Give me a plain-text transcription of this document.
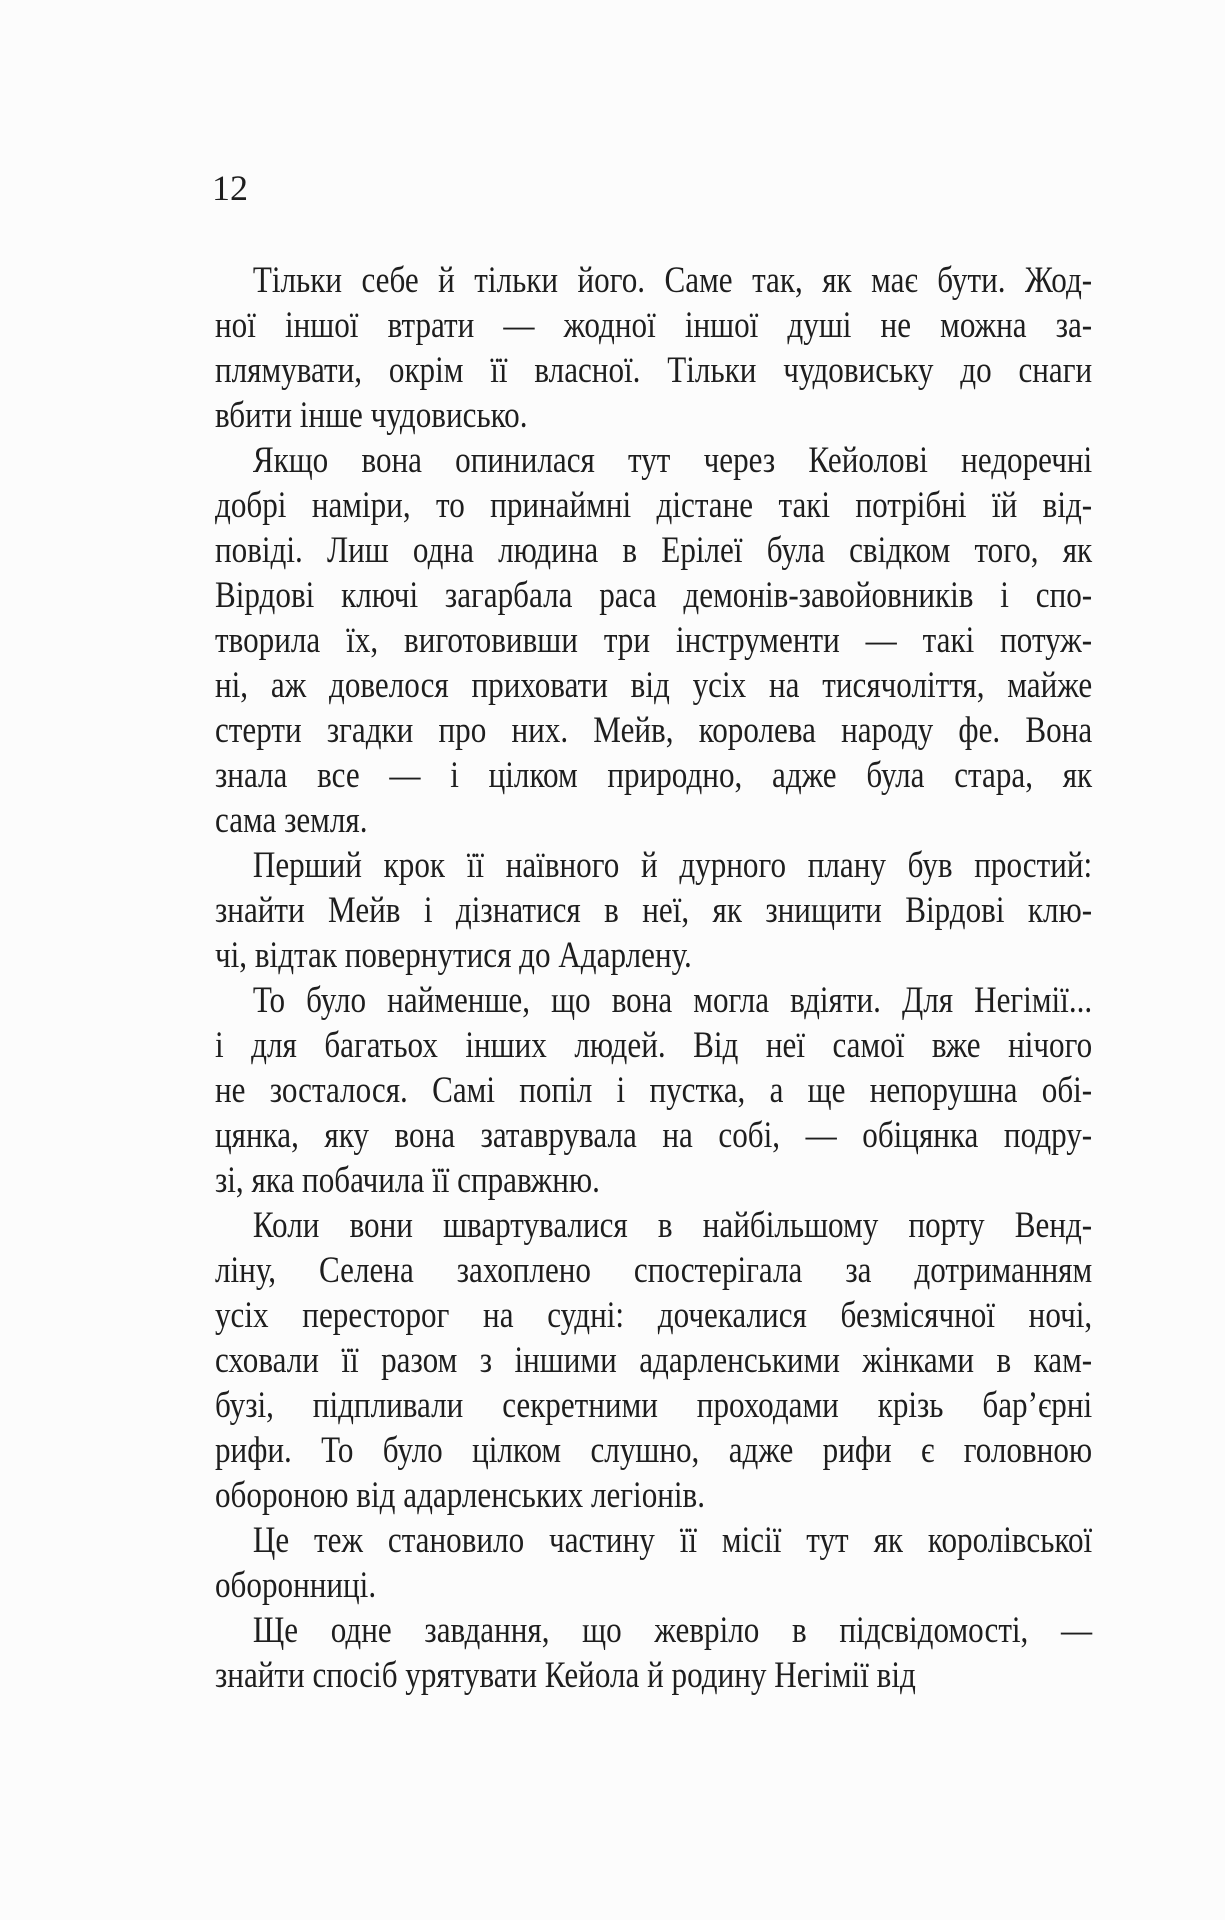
12
Тільки себе й тільки його. Саме так, як має бути. Жод-
ної іншої втрати — жодної іншої душі не можна за-
плямувати, окрім її власної. Тільки чудовиську до снаги
вбити інше чудовисько.
Якщо вона опинилася тут через Кейолові недоречні
добрі наміри, то принаймні дістане такі потрібні їй від-
повіді. Лиш одна людина в Ерілеї була свідком того, як
Вірдові ключі загарбала раса демонів-завойовників і спо-
творила їх, виготовивши три інструменти — такі потуж-
ні, аж довелося приховати від усіх на тисячоліття, майже
стерти згадки про них. Мейв, королева народу фе. Вона
знала все — і цілком природно, адже була стара, як
сама земля.
Перший крок її наївного й дурного плану був простий:
знайти Мейв і дізнатися в неї, як знищити Вірдові клю-
чі, відтак повернутися до Адарлену.
То було найменше, що вона могла вдіяти. Для Негімії...
і для багатьох інших людей. Від неї самої вже нічого
не зосталося. Самі попіл і пустка, а ще непорушна обі-
цянка, яку вона затаврувала на собі, — обіцянка подру-
зі, яка побачила її справжню.
Коли вони швартувалися в найбільшому порту Венд-
ліну, Селена захоплено спостерігала за дотриманням
усіх пересторог на судні: дочекалися безмісячної ночі,
сховали її разом з іншими адарленськими жінками в кам-
бузі, підпливали секретними проходами крізь бар’єрні
рифи. То було цілком слушно, адже рифи є головною
обороною від адарленських легіонів.
Це теж становило частину її місії тут як королівської
оборонниці.
Ще одне завдання, що жевріло в підсвідомості, —
знайти спосіб урятувати Кейола й родину Негімії від
